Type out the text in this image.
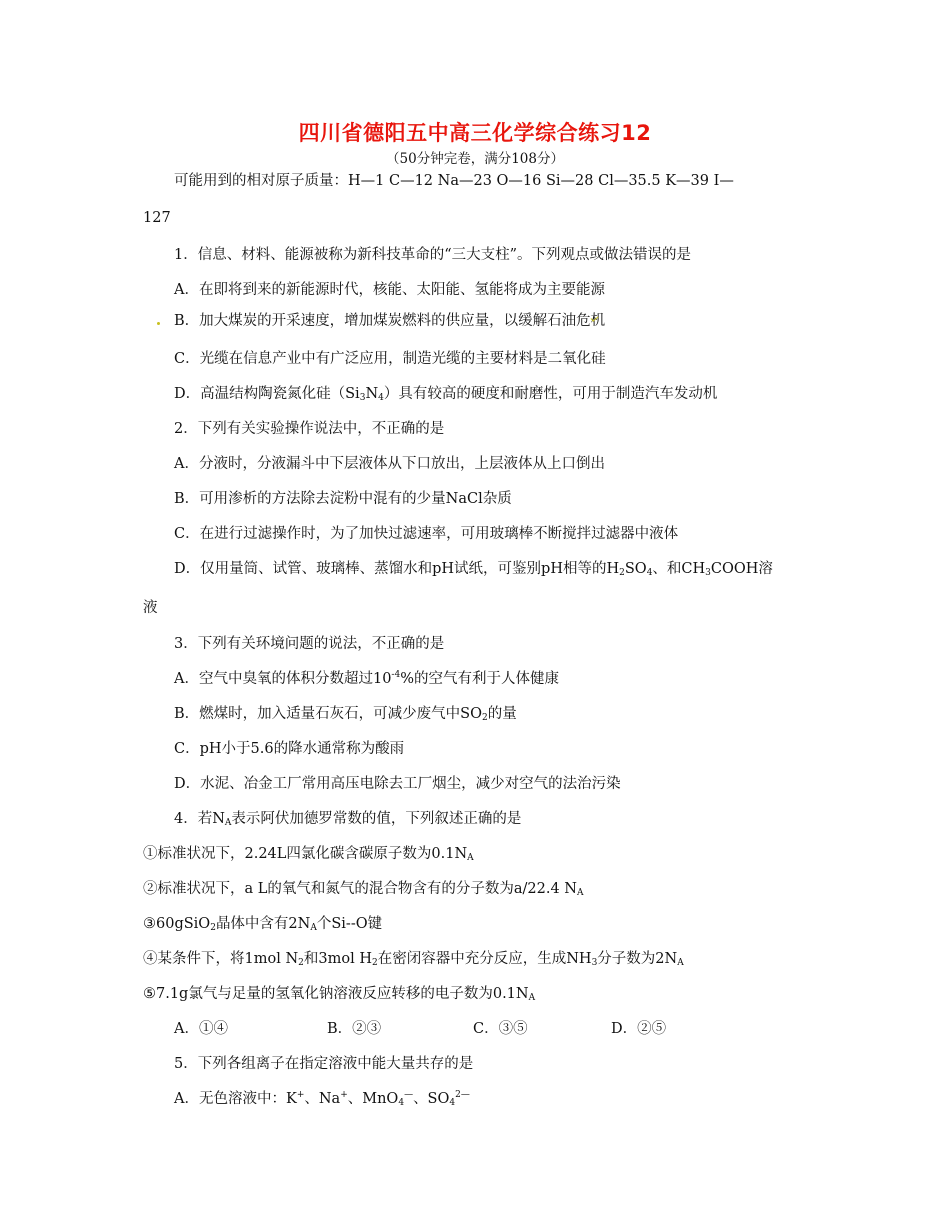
四川省德阳五中高三化学综合练习12
（50分钟完卷，满分108分）
可能用到的相对原子质量：H—1 C—12 Na—23 O—16 Si—28 Cl—35.5 K—39 I—
127
1．信息、材料、能源被称为新科技革命的“三大支柱”。下列观点或做法错误的是
A．在即将到来的新能源时代，核能、太阳能、氢能将成为主要能源
B．加大煤炭的开采速度，增加煤炭燃料的供应量，以缓解石油危机
C．光缆在信息产业中有广泛应用，制造光缆的主要材料是二氧化硅
D．高温结构陶瓷氮化硅$(Si_3N_4)$具有较高的硬度和耐磨性，可用于制造汽车发动机
2．下列有关实验操作说法中，不正确的是
A．分液时，分液漏斗中下层液体从下口放出，上层液体从上口倒出
B．可用渗析的方法除去淀粉中混有的少量NaCl杂质
C．在进行过滤操作时，为了加快过滤速率，可用玻璃棒不断搅拌过滤器中液体
D．仅用量筒、试管、玻璃棒、蒸馏水和pH试纸，可鉴别pH相等的$H_2SO_4$、和$CH_3COOH$溶
液
3．下列有关环境问题的说法，不正确的是
A．空气中臭氧的体积分数超过$10^{-4}\%$的空气有利于人体健康
B．燃煤时，加入适量石灰石，可减少废气中$SO_2$的量
C．pH小于5.6的降水通常称为酸雨
D．水泥、冶金工厂常用高压电除去工厂烟尘，减少对空气的法治污染
4．若$N_A$表示阿伏加德罗常数的值，下列叙述正确的是
①标准状况下，2.24L四氯化碳含碳原子数为$0.1N_A$
②标准状况下，a L的氧气和氮气的混合物含有的分子数为a/22.4 $N_A$
③60gSiO$_2$晶体中含有$2N_A$个Si--O键
④某条件下，将1mol $N_2$和3mol $H_2$在密闭容器中充分反应，生成$NH_3$分子数为$2N_A$
⑤7.1g氯气与足量的氢氧化钠溶液反应转移的电子数为$0.1N_A$
A．①④	B．②③	C．③⑤	D．②⑤
5．下列各组离子在指定溶液中能大量共存的是
A．无色溶液中：K+、Na+、MnO$_4$—、$SO_4^{2—}$
